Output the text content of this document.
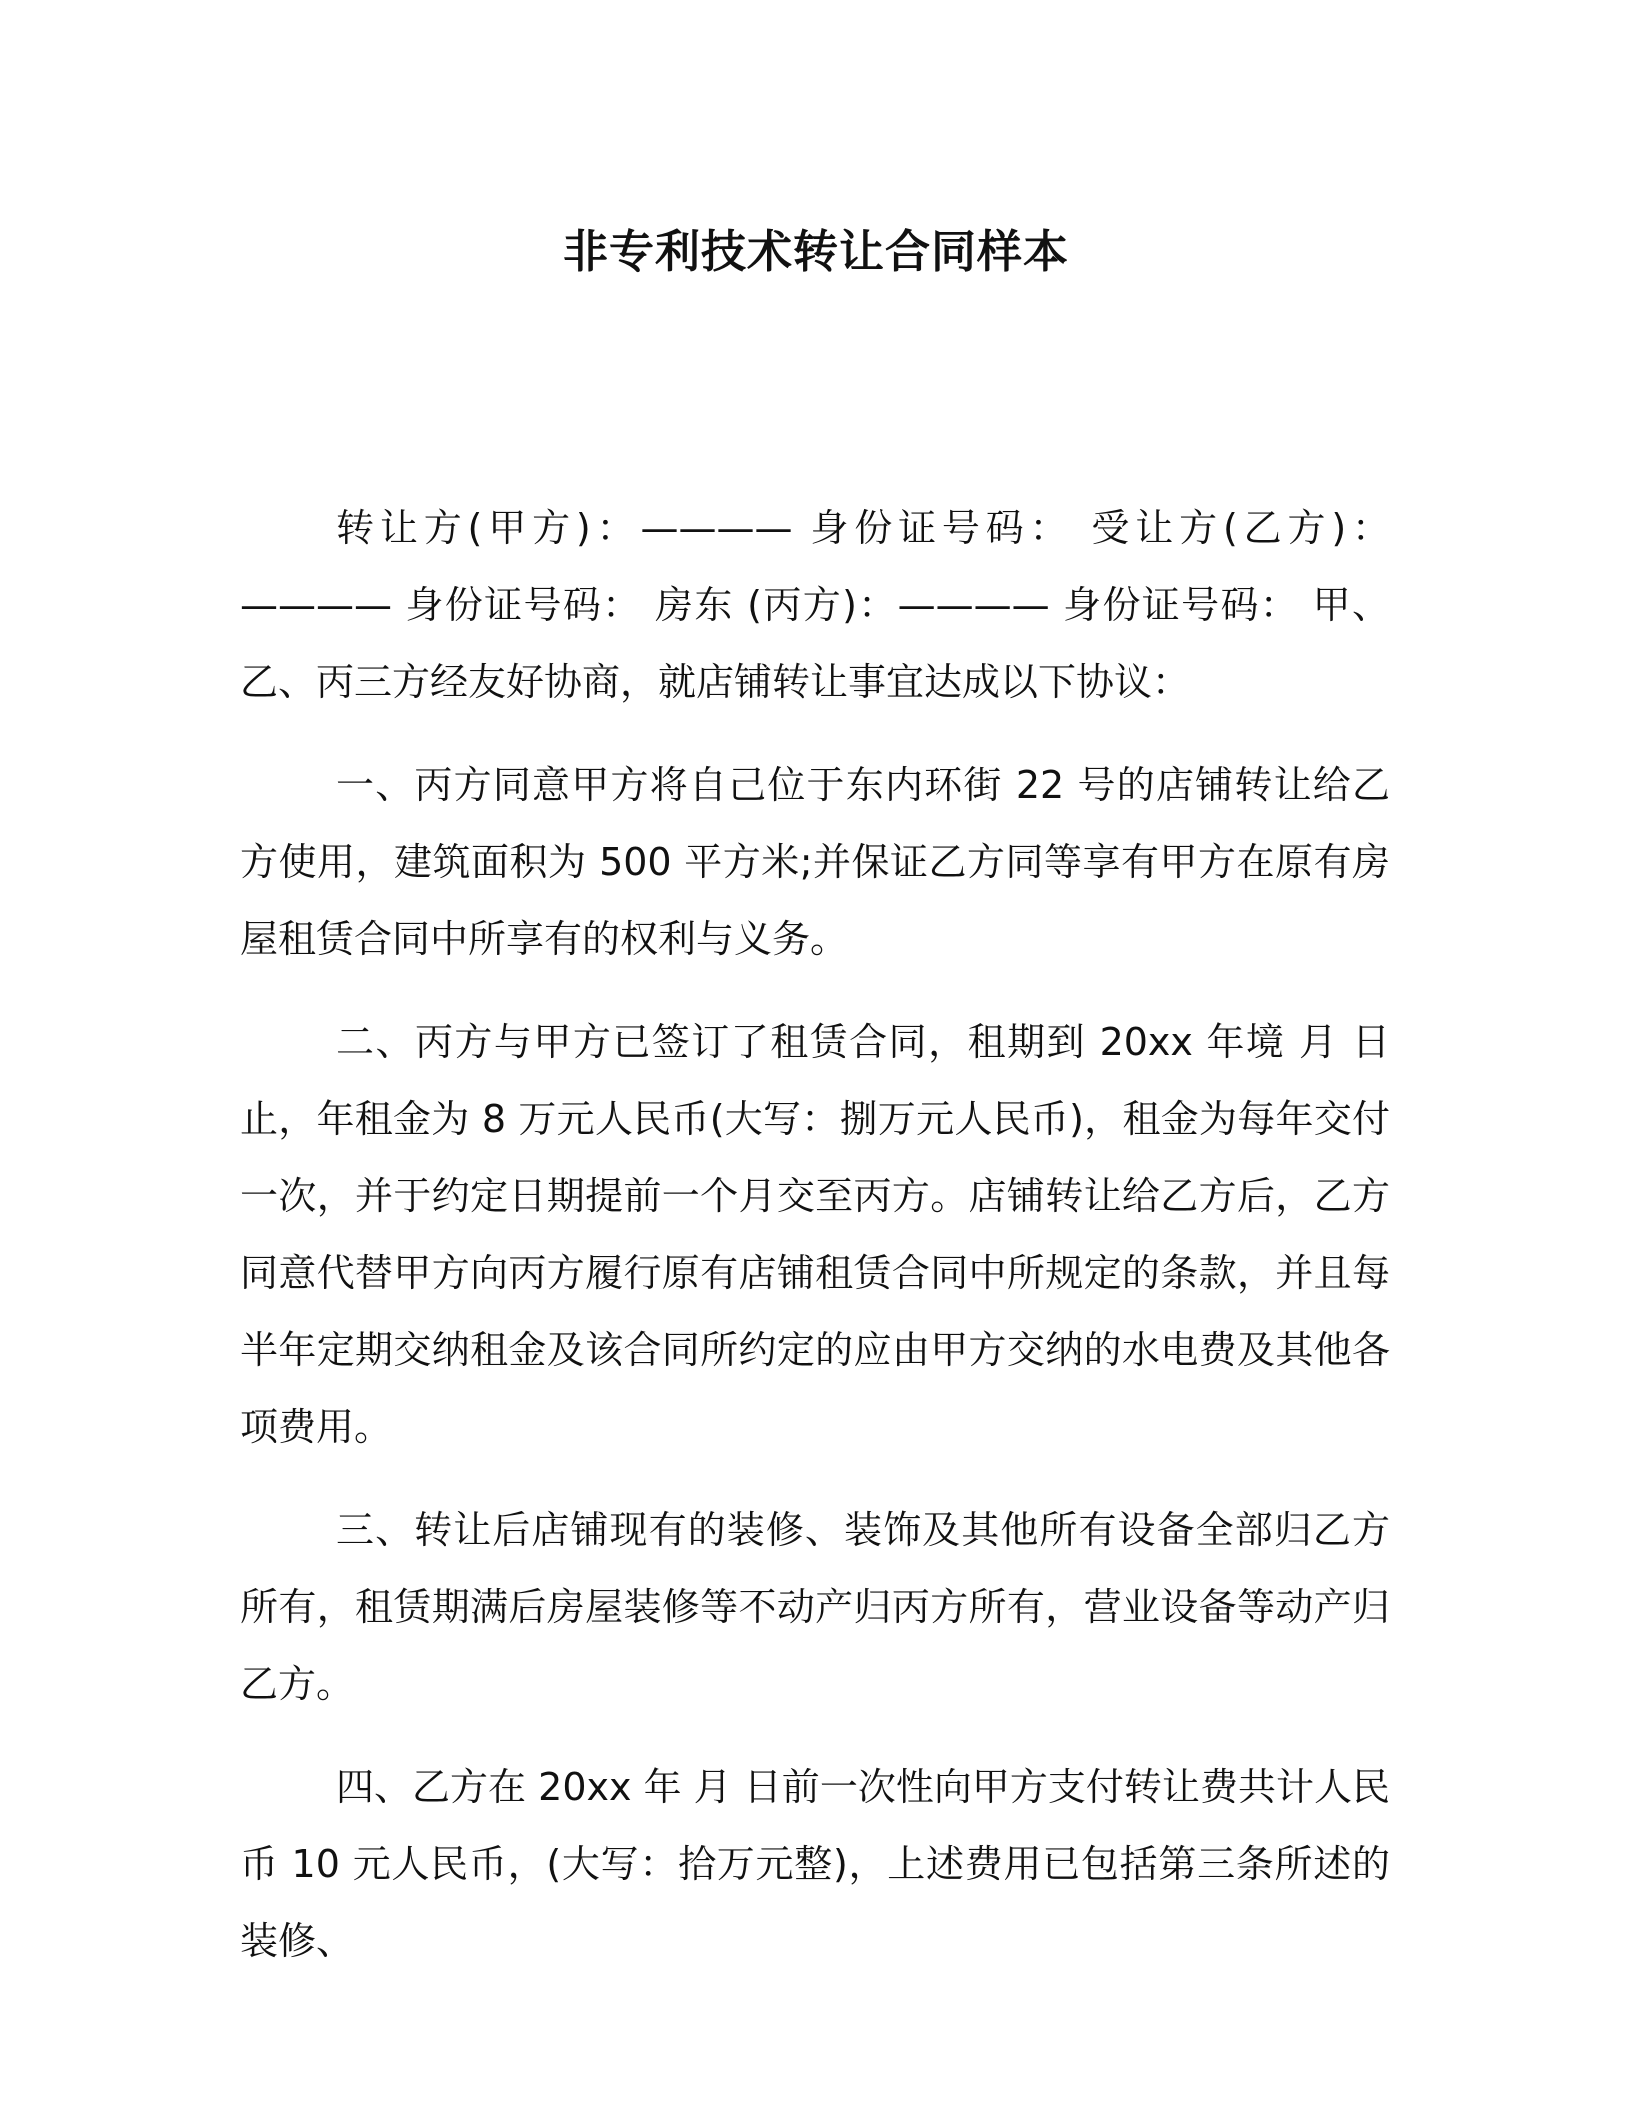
非专利技术转让合同样本

转让方(甲方)：———— 身份证号码： 受让方(乙方)：———— 身份证号码： 房东 (丙方)：———— 身份证号码： 甲、乙、丙三方经友好协商，就店铺转让事宜达成以下协议：

一、丙方同意甲方将自己位于东内环街 22 号的店铺转让给乙方使用，建筑面积为 500 平方米;并保证乙方同等享有甲方在原有房屋租赁合同中所享有的权利与义务。

二、丙方与甲方已签订了租赁合同，租期到 20xx 年境 月 日止，年租金为 8 万元人民币(大写：捌万元人民币)，租金为每年交付一次，并于约定日期提前一个月交至丙方。店铺转让给乙方后，乙方同意代替甲方向丙方履行原有店铺租赁合同中所规定的条款，并且每半年定期交纳租金及该合同所约定的应由甲方交纳的水电费及其他各项费用。

三、转让后店铺现有的装修、装饰及其他所有设备全部归乙方所有，租赁期满后房屋装修等不动产归丙方所有，营业设备等动产归乙方。

四、乙方在 20xx 年 月 日前一次性向甲方支付转让费共计人民币 10 元人民币，(大写：拾万元整)，上述费用已包括第三条所述的装修、
